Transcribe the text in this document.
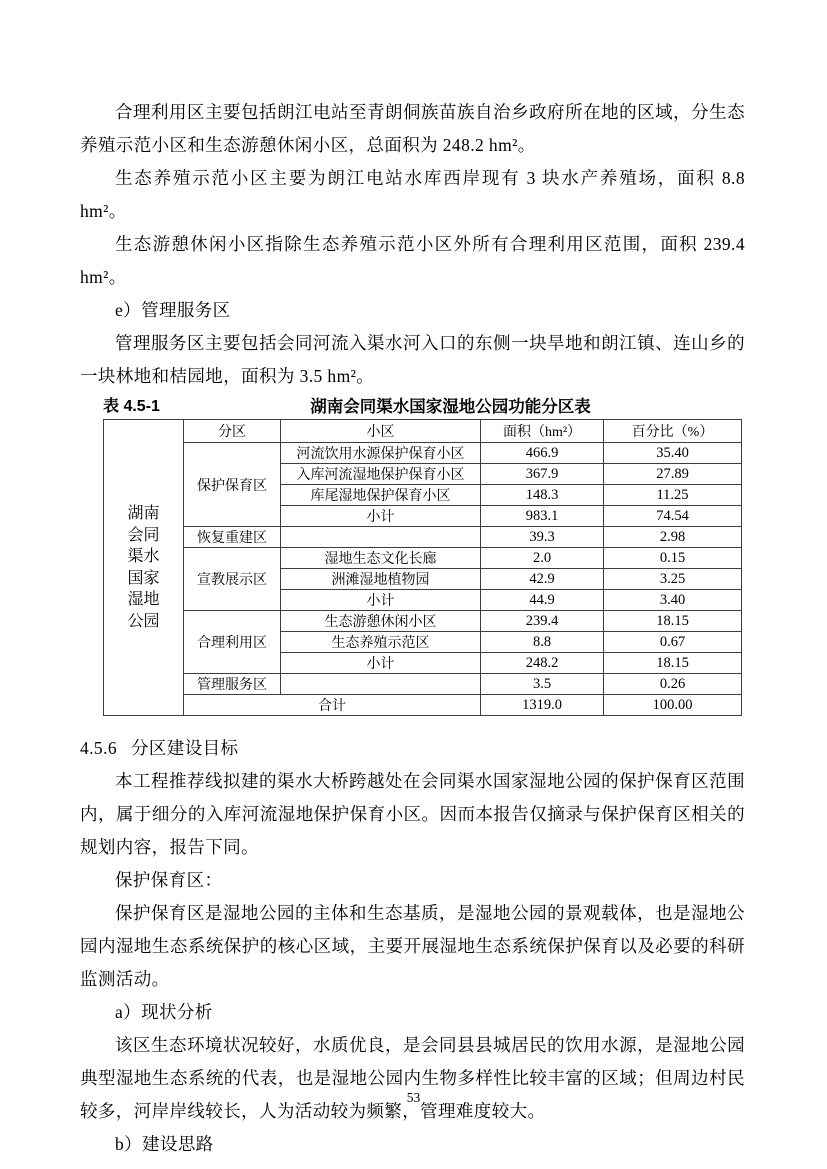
合理利用区主要包括朗江电站至青朗侗族苗族自治乡政府所在地的区域，分生态养殖示范小区和生态游憩休闲小区，总面积为 248.2 hm²。

生态养殖示范小区主要为朗江电站水库西岸现有 3 块水产养殖场，面积 8.8 hm²。

生态游憩休闲小区指除生态养殖示范小区外所有合理利用区范围，面积 239.4 hm²。

e）管理服务区

管理服务区主要包括会同河流入渠水河入口的东侧一块旱地和朗江镇、连山乡的一块林地和桔园地，面积为 3.5 hm²。

表 4.5-1	湖南会同渠水国家湿地公园功能分区表
湖南
会同
渠水
国家
湿地
公园
	分区	小区	面积（hm²）	百分比（%）
	保护保育区	河流饮用水源保护保育小区	466.9	35.40
		入库河流湿地保护保育小区	367.9	27.89
		库尾湿地保护保育小区	148.3	11.25
		小计	983.1	74.54
	恢复重建区		39.3	2.98
	宣教展示区	湿地生态文化长廊	2.0	0.15
		洲滩湿地植物园	42.9	3.25
		小计	44.9	3.40
	合理利用区	生态游憩休闲小区	239.4	18.15
		生态养殖示范区	8.8	0.67
		小计	248.2	18.15
	管理服务区		3.5	0.26
	合计		1319.0	100.00
4.5.6 分区建设目标

本工程推荐线拟建的渠水大桥跨越处在会同渠水国家湿地公园的保护保育区范围内，属于细分的入库河流湿地保护保育小区。因而本报告仅摘录与保护保育区相关的规划内容，报告下同。

保护保育区：

保护保育区是湿地公园的主体和生态基质，是湿地公园的景观载体，也是湿地公园内湿地生态系统保护的核心区域，主要开展湿地生态系统保护保育以及必要的科研监测活动。

a）现状分析

该区生态环境状况较好，水质优良，是会同县县城居民的饮用水源，是湿地公园典型湿地生态系统的代表，也是湿地公园内生物多样性比较丰富的区域；但周边村民较多，河岸岸线较长，人为活动较为频繁，管理难度较大。

b）建设思路

53
